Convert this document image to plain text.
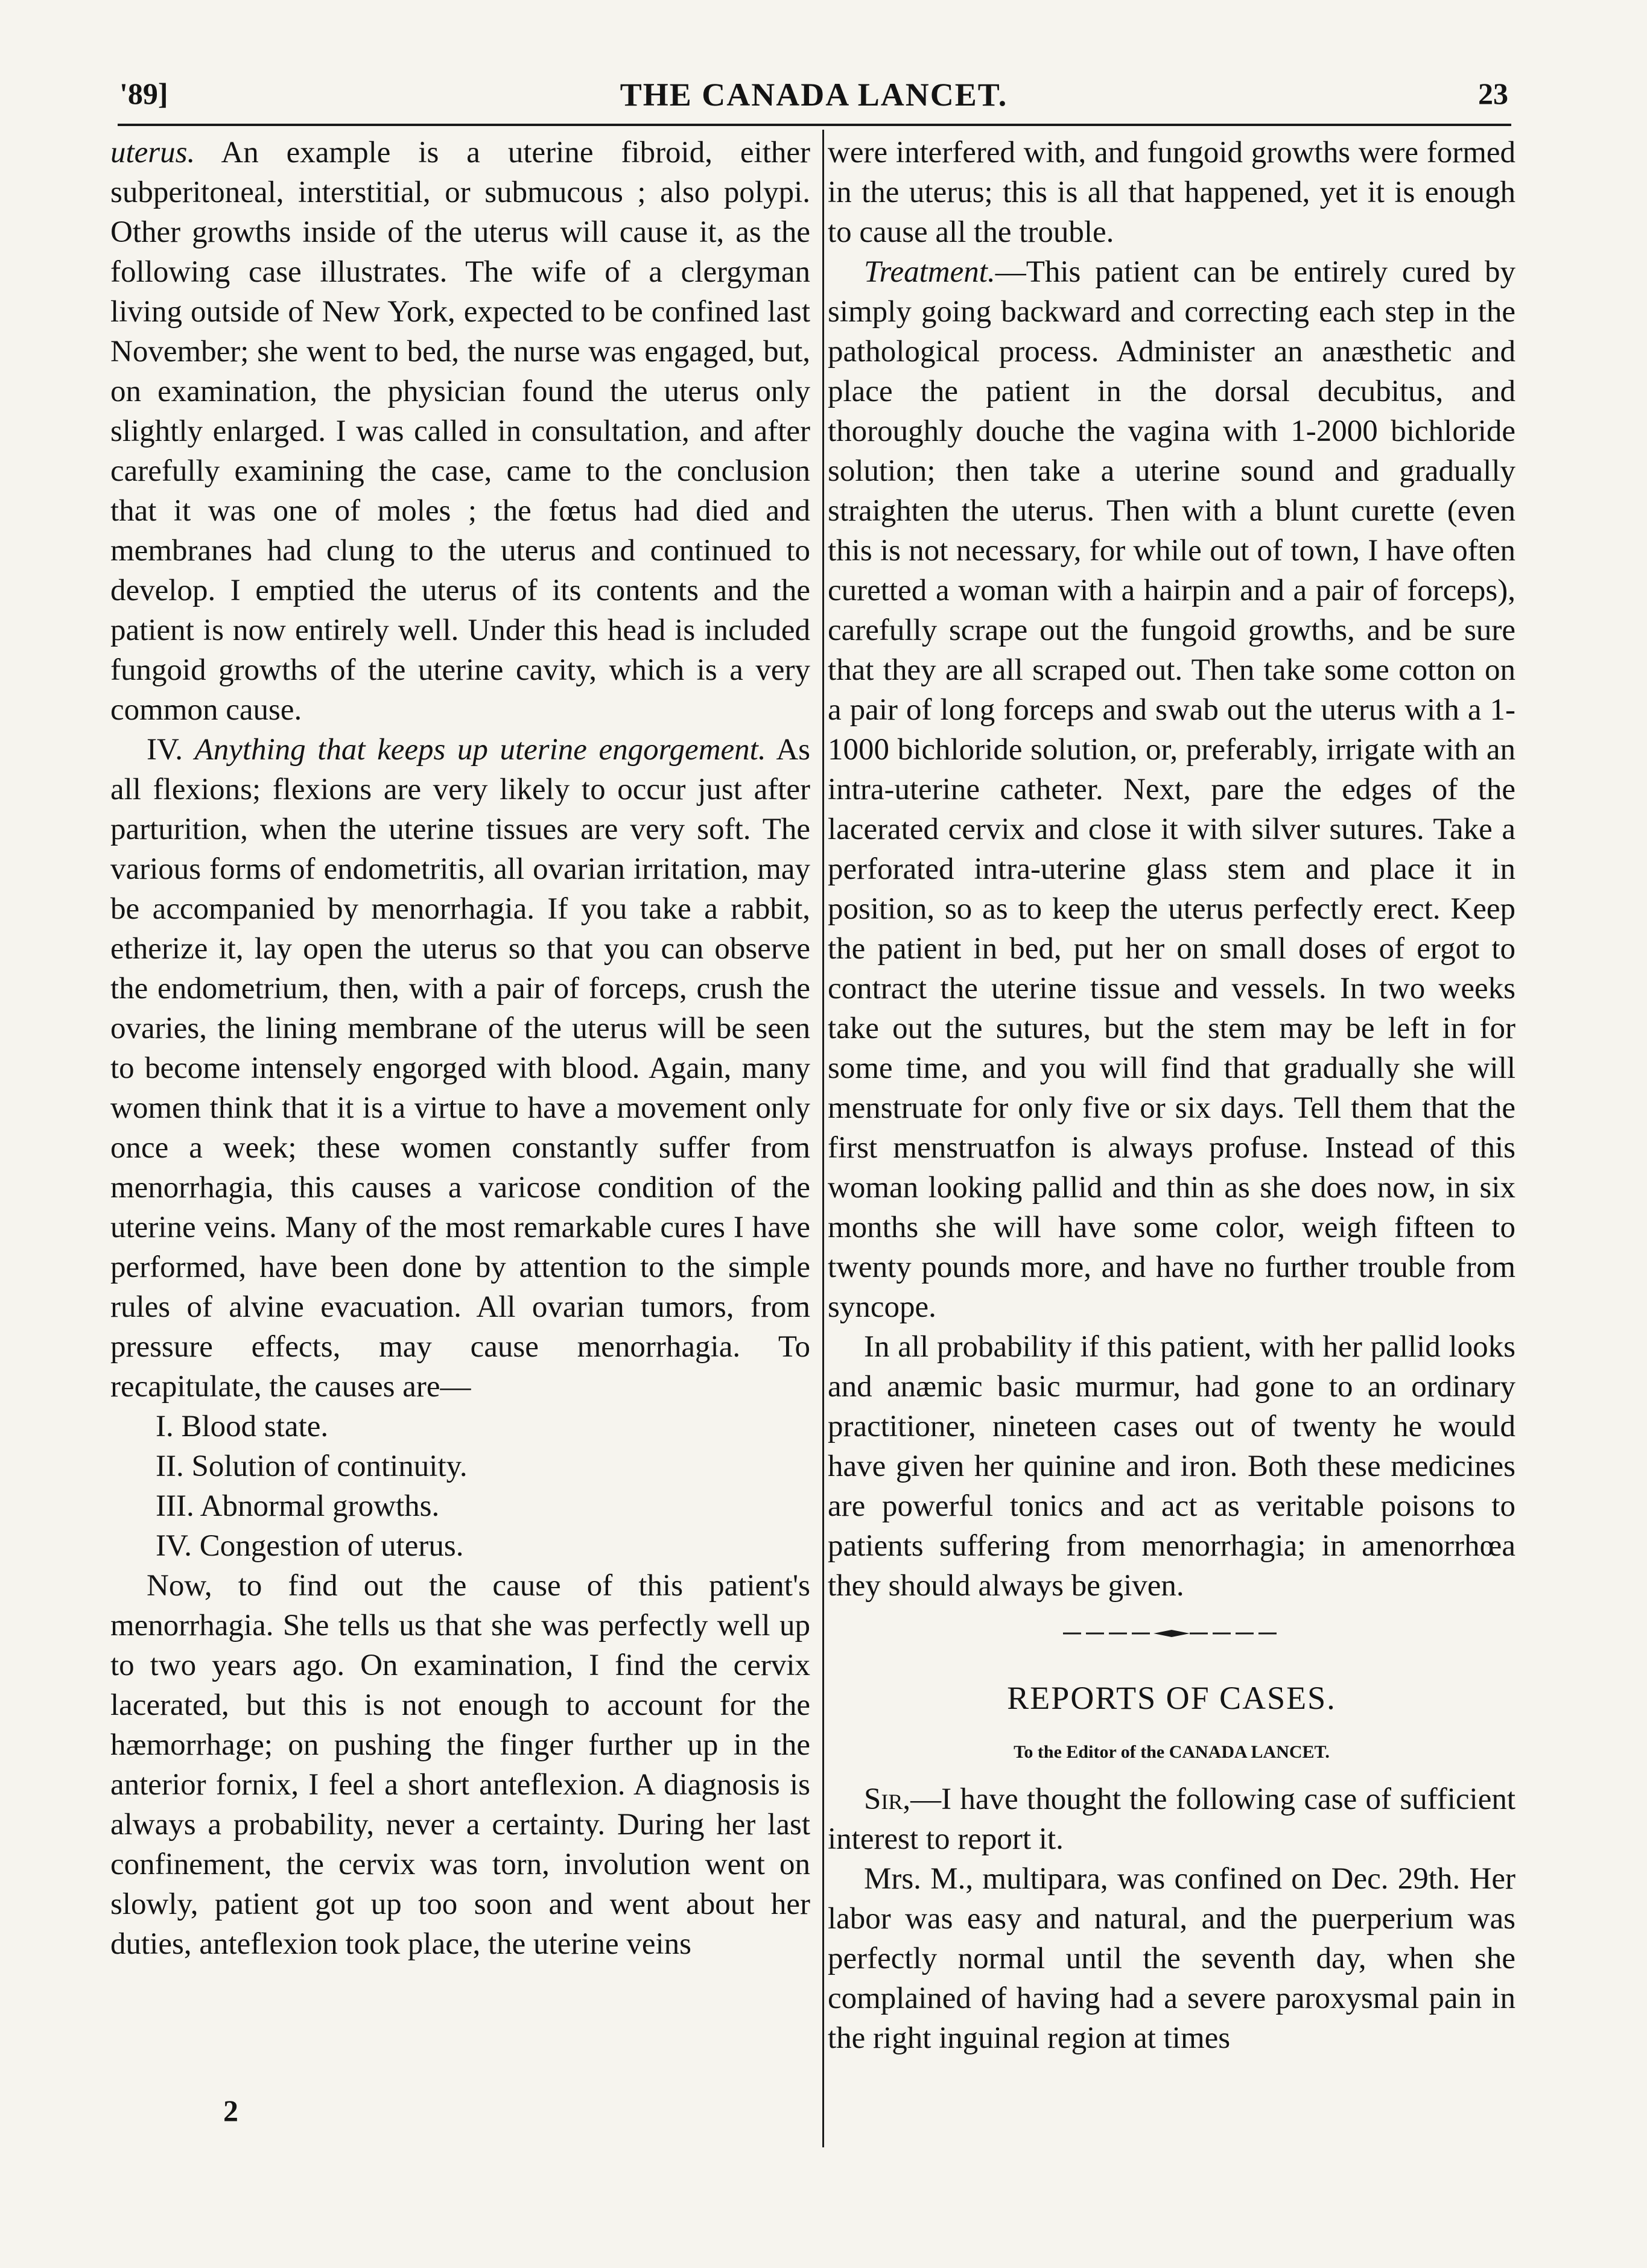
'89]	THE CANADA LANCET.	23

uterus. An example is a uterine fibroid, either subperitoneal, interstitial, or submucous ; also polypi. Other growths inside of the uterus will cause it, as the following case illustrates. The wife of a clergyman living outside of New York, expected to be confined last November; she went to bed, the nurse was engaged, but, on examination, the physician found the uterus only slightly enlarged. I was called in consultation, and after carefully examining the case, came to the conclusion that it was one of moles ; the fœtus had died and membranes had clung to the uterus and continued to develop. I emptied the uterus of its contents and the patient is now entirely well. Under this head is included fungoid growths of the uterine cavity, which is a very common cause.

IV. Anything that keeps up uterine engorgement. As all flexions; flexions are very likely to occur just after parturition, when the uterine tissues are very soft. The various forms of endometritis, all ovarian irritation, may be accompanied by menorrhagia. If you take a rabbit, etherize it, lay open the uterus so that you can observe the endometrium, then, with a pair of forceps, crush the ovaries, the lining membrane of the uterus will be seen to become intensely engorged with blood. Again, many women think that it is a virtue to have a movement only once a week; these women constantly suffer from menorrhagia, this causes a varicose condition of the uterine veins. Many of the most remarkable cures I have performed, have been done by attention to the simple rules of alvine evacuation. All ovarian tumors, from pressure effects, may cause menorrhagia. To recapitulate, the causes are—

I. Blood state.

II. Solution of continuity.

III. Abnormal growths.

IV. Congestion of uterus.

Now, to find out the cause of this patient's menorrhagia. She tells us that she was perfectly well up to two years ago. On examination, I find the cervix lacerated, but this is not enough to account for the hæmorrhage; on pushing the finger further up in the anterior fornix, I feel a short anteflexion. A diagnosis is always a probability, never a certainty. During her last confinement, the cervix was torn, involution went on slowly, patient got up too soon and went about her duties, anteflexion took place, the uterine veins

2

were interfered with, and fungoid growths were formed in the uterus; this is all that happened, yet it is enough to cause all the trouble.

Treatment.—This patient can be entirely cured by simply going backward and correcting each step in the pathological process. Administer an anæsthetic and place the patient in the dorsal decubitus, and thoroughly douche the vagina with 1-2000 bichloride solution; then take a uterine sound and gradually straighten the uterus. Then with a blunt curette (even this is not necessary, for while out of town, I have often curetted a woman with a hairpin and a pair of forceps), carefully scrape out the fungoid growths, and be sure that they are all scraped out. Then take some cotton on a pair of long forceps and swab out the uterus with a 1-1000 bichloride solution, or, preferably, irrigate with an intra-uterine catheter. Next, pare the edges of the lacerated cervix and close it with silver sutures. Take a perforated intra-uterine glass stem and place it in position, so as to keep the uterus perfectly erect. Keep the patient in bed, put her on small doses of ergot to contract the uterine tissue and vessels. In two weeks take out the sutures, but the stem may be left in for some time, and you will find that gradually she will menstruate for only five or six days. Tell them that the first menstruatfon is always profuse. Instead of this woman looking pallid and thin as she does now, in six months she will have some color, weigh fifteen to twenty pounds more, and have no further trouble from syncope.

In all probability if this patient, with her pallid looks and anæmic basic murmur, had gone to an ordinary practitioner, nineteen cases out of twenty he would have given her quinine and iron. Both these medicines are powerful tonics and act as veritable poisons to patients suffering from menorrhagia; in amenorrhœa they should always be given.

REPORTS OF CASES.
To the Editor of the CANADA LANCET.

Sir,—I have thought the following case of sufficient interest to report it.

Mrs. M., multipara, was confined on Dec. 29th. Her labor was easy and natural, and the puerperium was perfectly normal until the seventh day, when she complained of having had a severe paroxysmal pain in the right inguinal region at times
